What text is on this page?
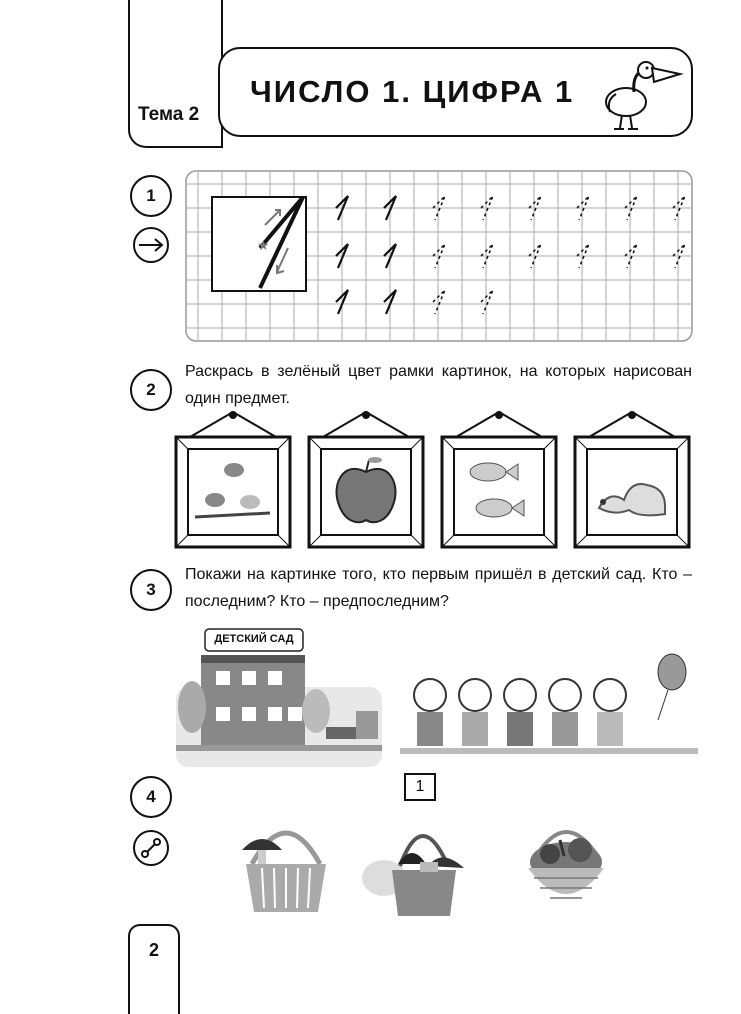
Тема 2
ЧИСЛО 1. ЦИФРА 1
1
★
2
Раскрась в зелёный цвет рамки картинок, на которых нарисован один предмет.
3
Покажи на картинке того, кто первым пришёл в детский сад. Кто – последним? Кто – предпоследним?
ДЕТСКИЙ САД
4
1
2
